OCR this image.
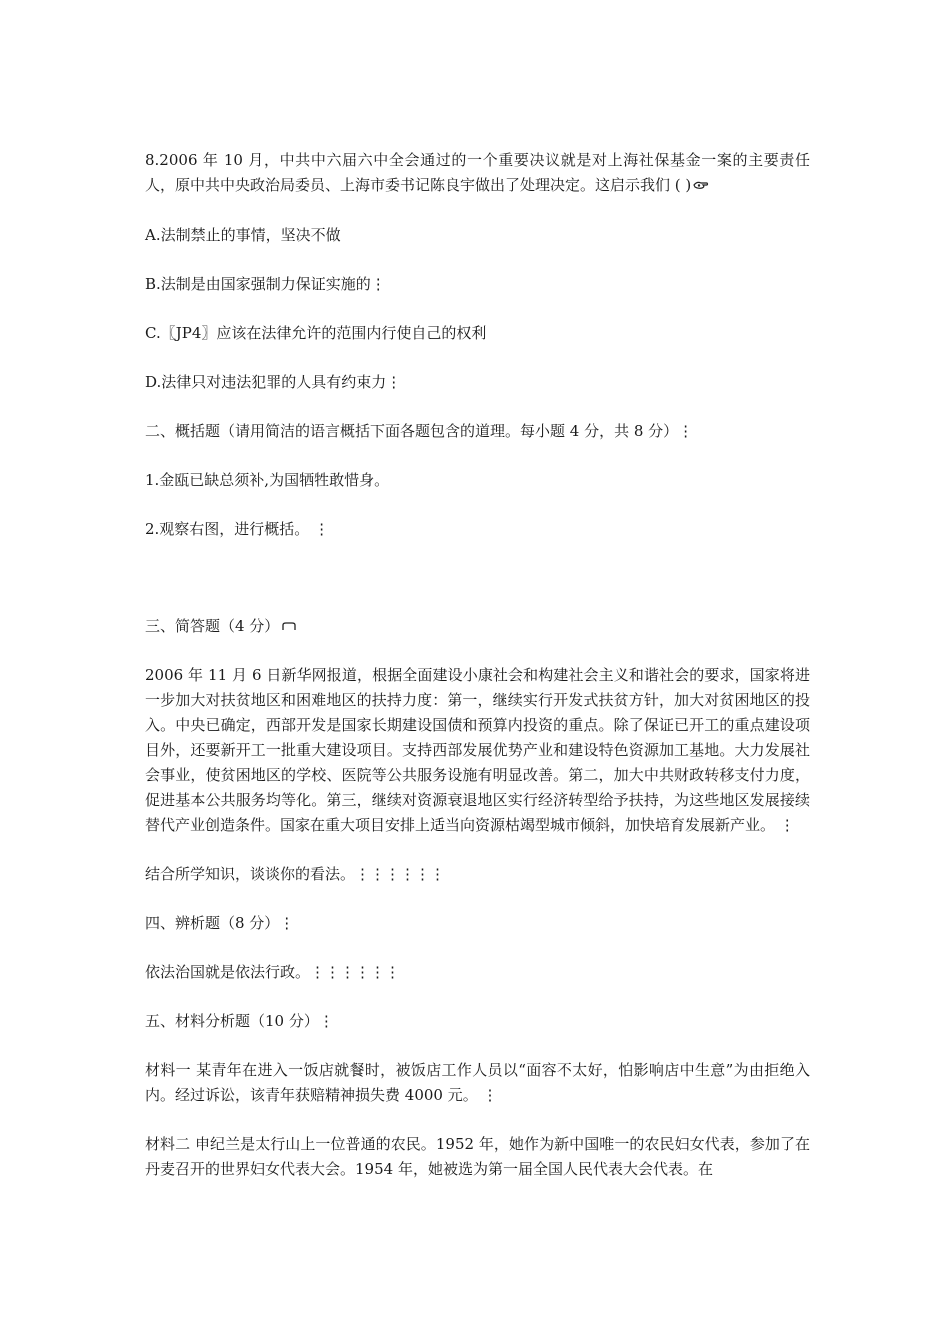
8.2006 年 10 月，中共中六届六中全会通过的一个重要决议就是对上海社保基金一案的主要责任人，原中共中央政治局委员、上海市委书记陈良宇做出了处理决定。这启示我们 ( )

A.法制禁止的事情，坚决不做

B.法制是由国家强制力保证实施的⋮

C.〖JP4〗应该在法律允许的范围内行使自己的权利

D.法律只对违法犯罪的人具有约束力⋮

二、概括题（请用简洁的语言概括下面各题包含的道理。每小题 4 分，共 8 分）⋮

1.金瓯已缺总须补,为国牺牲敢惜身。

2.观察右图，进行概括。 ⋮

三、简答题（4 分）

2006 年 11 月 6 日新华网报道，根据全面建设小康社会和构建社会主义和谐社会的要求，国家将进一步加大对扶贫地区和困难地区的扶持力度：第一，继续实行开发式扶贫方针，加大对贫困地区的投入。中央已确定，西部开发是国家长期建设国债和预算内投资的重点。除了保证已开工的重点建设项目外，还要新开工一批重大建设项目。支持西部发展优势产业和建设特色资源加工基地。大力发展社会事业，使贫困地区的学校、医院等公共服务设施有明显改善。第二，加大中共财政转移支付力度，促进基本公共服务均等化。第三，继续对资源衰退地区实行经济转型给予扶持，为这些地区发展接续替代产业创造条件。国家在重大项目安排上适当向资源枯竭型城市倾斜，加快培育发展新产业。 ⋮

结合所学知识，谈谈你的看法。⋮⋮⋮⋮⋮⋮

四、辨析题（8 分）⋮

依法治国就是依法行政。⋮⋮⋮⋮⋮⋮

五、材料分析题（10 分）⋮

材料一 某青年在进入一饭店就餐时，被饭店工作人员以“面容不太好，怕影响店中生意”为由拒绝入内。经过诉讼，该青年获赔精神损失费 4000 元。 ⋮

材料二 申纪兰是太行山上一位普通的农民。1952 年，她作为新中国唯一的农民妇女代表，参加了在丹麦召开的世界妇女代表大会。1954 年，她被选为第一届全国人民代表大会代表。在
